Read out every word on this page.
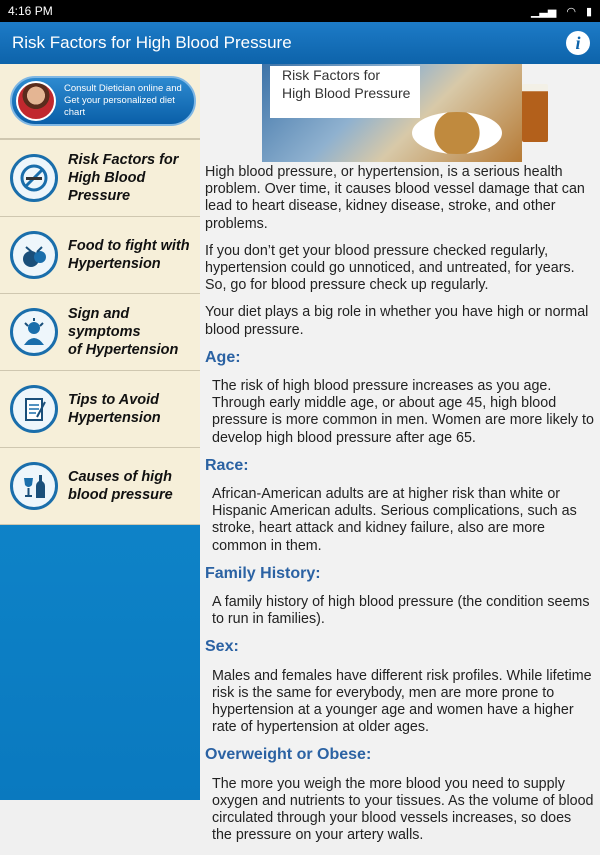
4:16 PM	▁▃▅ ◠ ▮
Risk Factors for High Blood Pressure	i
Consult Dietician online and
Get your personalized diet chart
Risk Factors for
High Blood
Pressure
Food to fight with
Hypertension
Sign and symptoms
of Hypertension
Tips to Avoid
Hypertension
Causes of high
blood pressure
Risk Factors for
High Blood Pressure

High blood pressure, or hypertension, is a serious health problem. Over time, it causes blood vessel damage that can lead to heart disease, kidney disease, stroke, and other problems.

If you don’t get your blood pressure checked regularly, hypertension could go unnoticed, and untreated, for years. So, go for blood pressure check up regularly.

Your diet plays a big role in whether you have high or normal blood pressure.

Age:

The risk of high blood pressure increases as you age. Through early middle age, or about age 45, high blood pressure is more common in men. Women are more likely to develop high blood pressure after age 65.

Race:

African-American adults are at higher risk than white or Hispanic American adults. Serious complications, such as stroke, heart attack and kidney failure, also are more common in them.

Family History:

A family history of high blood pressure (the condition seems to run in families).

Sex:

Males and females have different risk profiles. While lifetime risk is the same for everybody, men are more prone to hypertension at a younger age and women have a higher rate of hypertension at older ages.

Overweight or Obese:

The more you weigh the more blood you need to supply oxygen and nutrients to your tissues. As the volume of blood circulated through your blood vessels increases, so does the pressure on your artery walls.
